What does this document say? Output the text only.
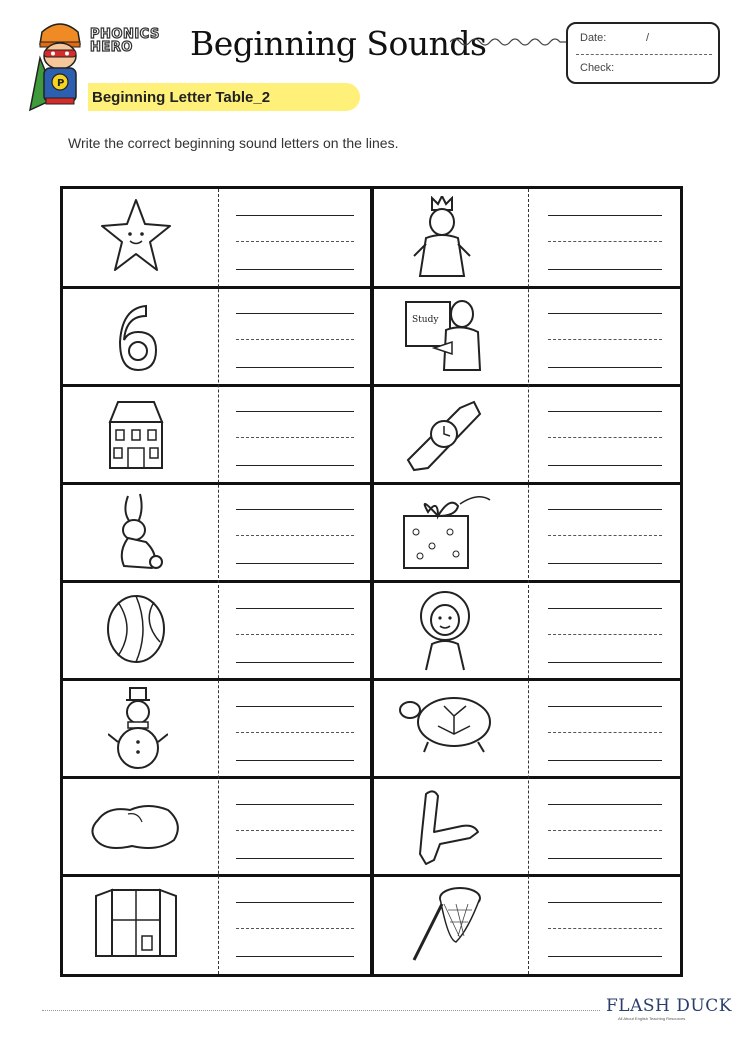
P
PHONICS
HERO	Beginning Sounds	Date:	/
Check:
Beginning Letter Table_2
Write the correct beginning sound letters on the lines.
Study
FLASH DUCK
All About English Teaching Resources
